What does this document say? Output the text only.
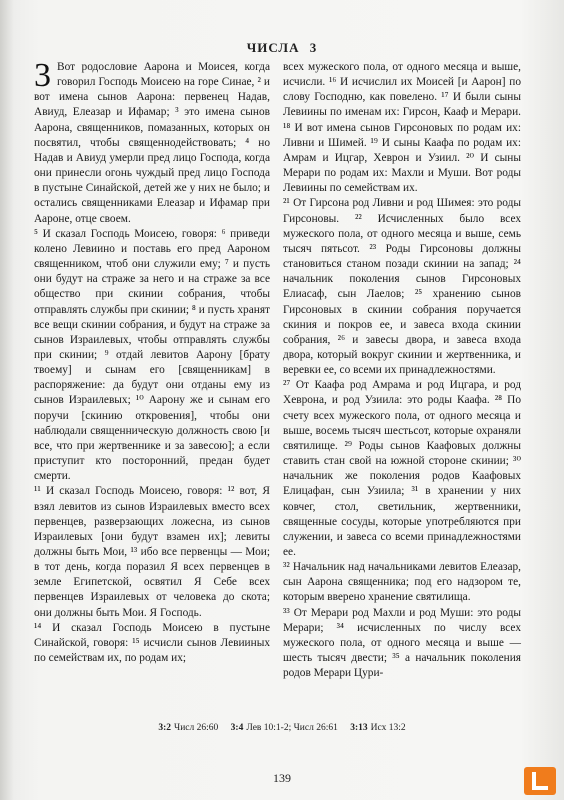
ЧИСЛА 3

3 Вот родословие Аарона и Моисея, когда говорил Господь Моисею на горе Синае, ² и вот имена сынов Аарона: первенец Надав, Авиуд, Елеазар и Ифамар; ³ это имена сынов Аарона, священников, помазанных, которых он посвятил, чтобы священнодействовать; ⁴ но Надав и Авиуд умерли пред лицо Господа, когда они принесли огонь чуждый пред лицо Господа в пустыне Синайской, детей же у них не было; и остались священниками Елеазар и Ифамар при Аароне, отце своем.

⁵ И сказал Господь Моисею, говоря: ⁶ приведи колено Левиино и поставь его пред Аароном священником, чтоб они служили ему; ⁷ и пусть они будут на страже за него и на страже за все общество при скинии собрания, чтобы отправлять службы при скинии; ⁸ и пусть хранят все вещи скинии собрания, и будут на страже за сынов Израилевых, чтобы отправлять службы при скинии; ⁹ отдай левитов Аарону [брату твоему] и сынам его [священникам] в распоряжение: да будут они отданы ему из сынов Израилевых; ¹⁰ Аарону же и сынам его поручи [скинию откровения], чтобы они наблюдали священническую должность свою [и все, что при жертвеннике и за завесою]; а если приступит кто посторонний, предан будет смерти.

¹¹ И сказал Господь Моисею, говоря: ¹² вот, Я взял левитов из сынов Израилевых вместо всех первенцев, разверзающих ложесна, из сынов Израилевых [они будут взамен их]; левиты должны быть Мои, ¹³ ибо все первенцы — Мои; в тот день, когда поразил Я всех первенцев в земле Египетской, освятил Я Себе всех первенцев Израилевых от человека до скота; они должны быть Мои. Я Господь.

¹⁴ И сказал Господь Моисею в пустыне Синайской, говоря: ¹⁵ исчисли сынов Левииных по семействам их, по родам их;

всех мужеского пола, от одного месяца и выше, исчисли. ¹⁶ И исчислил их Моисей [и Аарон] по слову Господню, как повелено. ¹⁷ И были сыны Левиины по именам их: Гирсон, Кааф и Мерари. ¹⁸ И вот имена сынов Гирсоновых по родам их: Ливни и Шимей. ¹⁹ И сыны Каафа по родам их: Амрам и Ицгар, Хеврон и Узиил. ²⁰ И сыны Мерари по родам их: Махли и Муши. Вот роды Левиины по семействам их.

²¹ От Гирсона род Ливни и род Шимея: это роды Гирсоновы. ²² Исчисленных было всех мужеского пола, от одного месяца и выше, семь тысяч пятьсот. ²³ Роды Гирсоновы должны становиться станом позади скинии на запад; ²⁴ начальник поколения сынов Гирсоновых Елиасаф, сын Лаелов; ²⁵ хранению сынов Гирсоновых в скинии собрания поручается скиния и покров ее, и завеса входа скинии собрания, ²⁶ и завесы двора, и завеса входа двора, который вокруг скинии и жертвенника, и веревки ее, со всеми их принадлежностями.

²⁷ От Каафа род Амрама и род Ицгара, и род Хеврона, и род Узиила: это роды Каафа. ²⁸ По счету всех мужеского пола, от одного месяца и выше, восемь тысяч шестьсот, которые охраняли святилище. ²⁹ Роды сынов Каафовых должны ставить стан свой на южной стороне скинии; ³⁰ начальник же поколения родов Каафовых Елицафан, сын Узиила; ³¹ в хранении у них ковчег, стол, светильник, жертвенники, священные сосуды, которые употребляются при служении, и завеса со всеми принадлежностями ее.

³² Начальник над начальниками левитов Елеазар, сын Аарона священника; под его надзором те, которым вверено хранение святилища.

³³ От Мерари род Махли и род Муши: это роды Мерари; ³⁴ исчисленных по числу всех мужеского пола, от одного месяца и выше — шесть тысяч двести; ³⁵ а начальник поколения родов Мерари Цури-

3:2 Числ 26:60 3:4 Лев 10:1-2; Числ 26:61 3:13 Исх 13:2
139
